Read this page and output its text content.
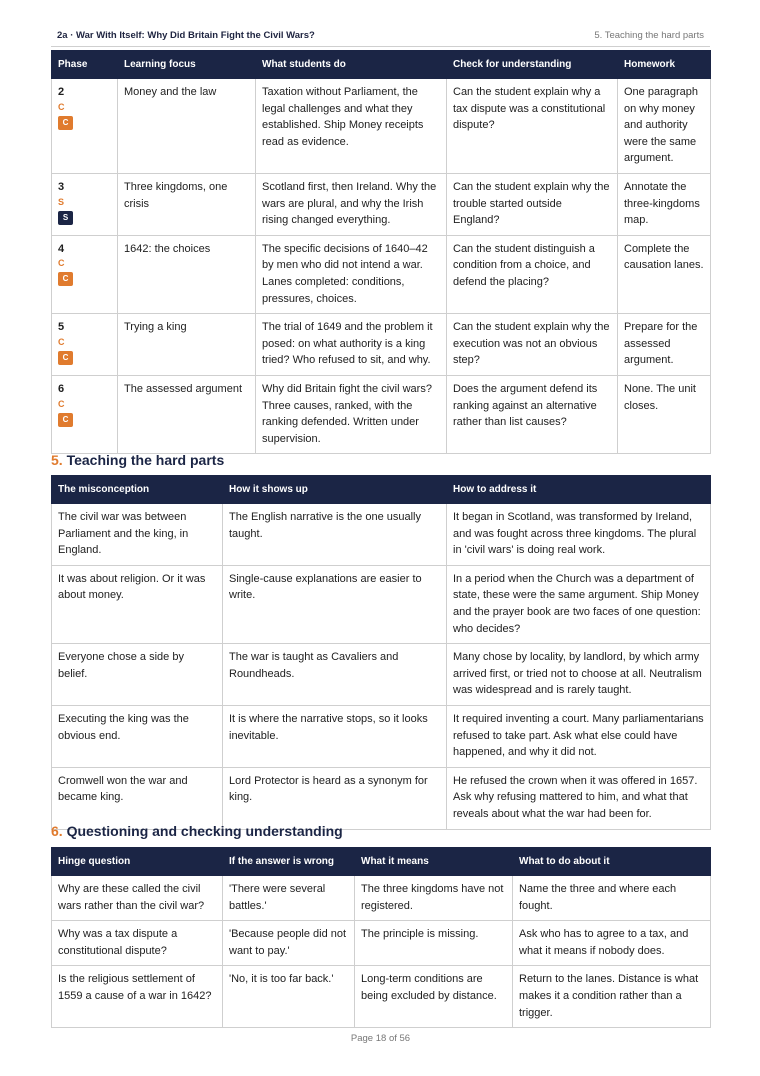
2a · War With Itself: Why Did Britain Fight the Civil Wars?	5. Teaching the hard parts
Phase	Learning focus	What students do	Check for understanding	Homework

2
C
C	Money and the law	Taxation without Parliament, the legal challenges and what they established. Ship Money receipts read as evidence.	Can the student explain why a tax dispute was a constitutional dispute?	One paragraph on why money and authority were the same argument.

3
S
S	Three kingdoms, one crisis	Scotland first, then Ireland. Why the wars are plural, and why the Irish rising changed everything.	Can the student explain why the trouble started outside England?	Annotate the three-kingdoms map.

4
C
C	1642: the choices	The specific decisions of 1640–42 by men who did not intend a war. Lanes completed: conditions, pressures, choices.	Can the student distinguish a condition from a choice, and defend the placing?	Complete the causation lanes.

5
C
C	Trying a king	The trial of 1649 and the problem it posed: on what authority is a king tried? Who refused to sit, and why.	Can the student explain why the execution was not an obvious step?	Prepare for the assessed argument.

6
C
C	The assessed argument	Why did Britain fight the civil wars? Three causes, ranked, with the ranking defended. Written under supervision.	Does the argument defend its ranking against an alternative rather than list causes?	None. The unit closes.
5. Teaching the hard parts
The misconception	How it shows up	How to address it
The civil war was between Parliament and the king, in England.	The English narrative is the one usually taught.	It began in Scotland, was transformed by Ireland, and was fought across three kingdoms. The plural in 'civil wars' is doing real work.
It was about religion. Or it was about money.	Single-cause explanations are easier to write.	In a period when the Church was a department of state, these were the same argument. Ship Money and the prayer book are two faces of one question: who decides?
Everyone chose a side by belief.	The war is taught as Cavaliers and Roundheads.	Many chose by locality, by landlord, by which army arrived first, or tried not to choose at all. Neutralism was widespread and is rarely taught.
Executing the king was the obvious end.	It is where the narrative stops, so it looks inevitable.	It required inventing a court. Many parliamentarians refused to take part. Ask what else could have happened, and why it did not.
Cromwell won the war and became king.	Lord Protector is heard as a synonym for king.	He refused the crown when it was offered in 1657. Ask why refusing mattered to him, and what that reveals about what the war had been for.
6. Questioning and checking understanding
Hinge question	If the answer is wrong	What it means	What to do about it
Why are these called the civil wars rather than the civil war?	'There were several battles.'	The three kingdoms have not registered.	Name the three and where each fought.
Why was a tax dispute a constitutional dispute?	'Because people did not want to pay.'	The principle is missing.	Ask who has to agree to a tax, and what it means if nobody does.
Is the religious settlement of 1559 a cause of a war in 1642?	'No, it is too far back.'	Long-term conditions are being excluded by distance.	Return to the lanes. Distance is what makes it a condition rather than a trigger.
Page 18 of 56
